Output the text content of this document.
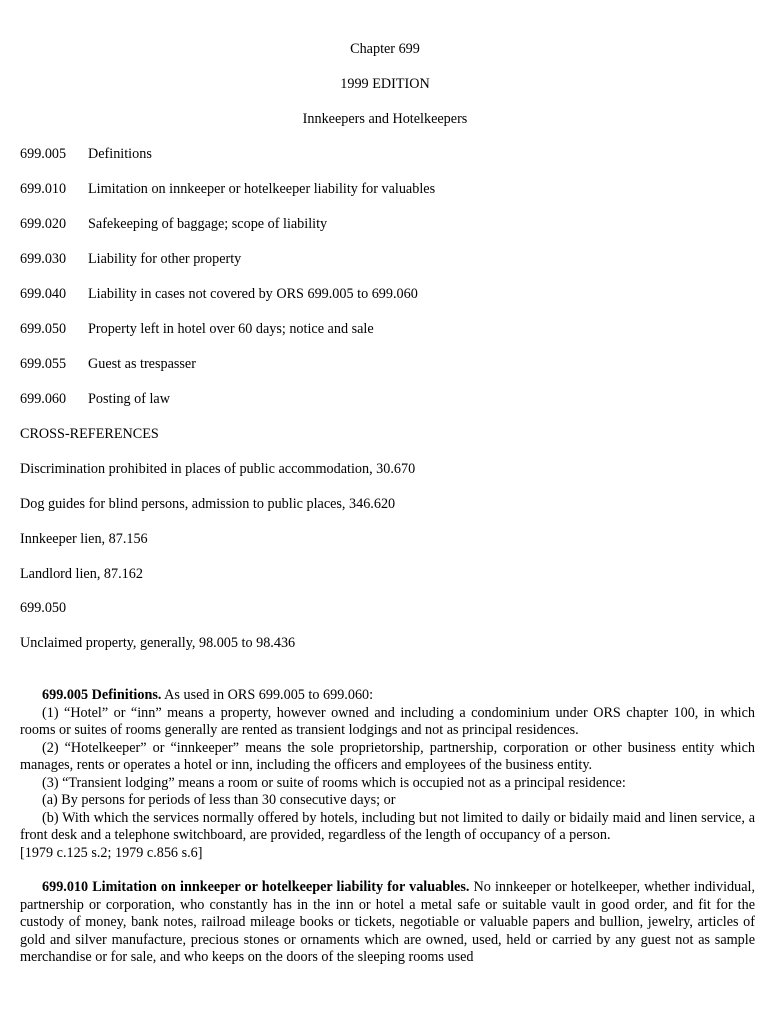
Chapter 699
1999 EDITION
Innkeepers and Hotelkeepers
699.005 Definitions
699.010 Limitation on innkeeper or hotelkeeper liability for valuables
699.020 Safekeeping of baggage; scope of liability
699.030 Liability for other property
699.040 Liability in cases not covered by ORS 699.005 to 699.060
699.050 Property left in hotel over 60 days; notice and sale
699.055 Guest as trespasser
699.060 Posting of law
CROSS-REFERENCES
Discrimination prohibited in places of public accommodation, 30.670
Dog guides for blind persons, admission to public places, 346.620
Innkeeper lien, 87.156
Landlord lien, 87.162
699.050
Unclaimed property, generally, 98.005 to 98.436

699.005 Definitions. As used in ORS 699.005 to 699.060:

(1) “Hotel” or “inn” means a property, however owned and including a condominium under ORS chapter 100, in which rooms or suites of rooms generally are rented as transient lodgings and not as principal residences.

(2) “Hotelkeeper” or “innkeeper” means the sole proprietorship, partnership, corporation or other business entity which manages, rents or operates a hotel or inn, including the officers and employees of the business entity.

(3) “Transient lodging” means a room or suite of rooms which is occupied not as a principal residence:

(a) By persons for periods of less than 30 consecutive days; or

(b) With which the services normally offered by hotels, including but not limited to daily or bidaily maid and linen service, a front desk and a telephone switchboard, are provided, regardless of the length of occupancy of a person.

[1979 c.125 s.2; 1979 c.856 s.6]

699.010 Limitation on innkeeper or hotelkeeper liability for valuables. No innkeeper or hotelkeeper, whether individual, partnership or corporation, who constantly has in the inn or hotel a metal safe or suitable vault in good order, and fit for the custody of money, bank notes, railroad mileage books or tickets, negotiable or valuable papers and bullion, jewelry, articles of gold and silver manufacture, precious stones or ornaments which are owned, used, held or carried by any guest not as sample merchandise or for sale, and who keeps on the doors of the sleeping rooms used
